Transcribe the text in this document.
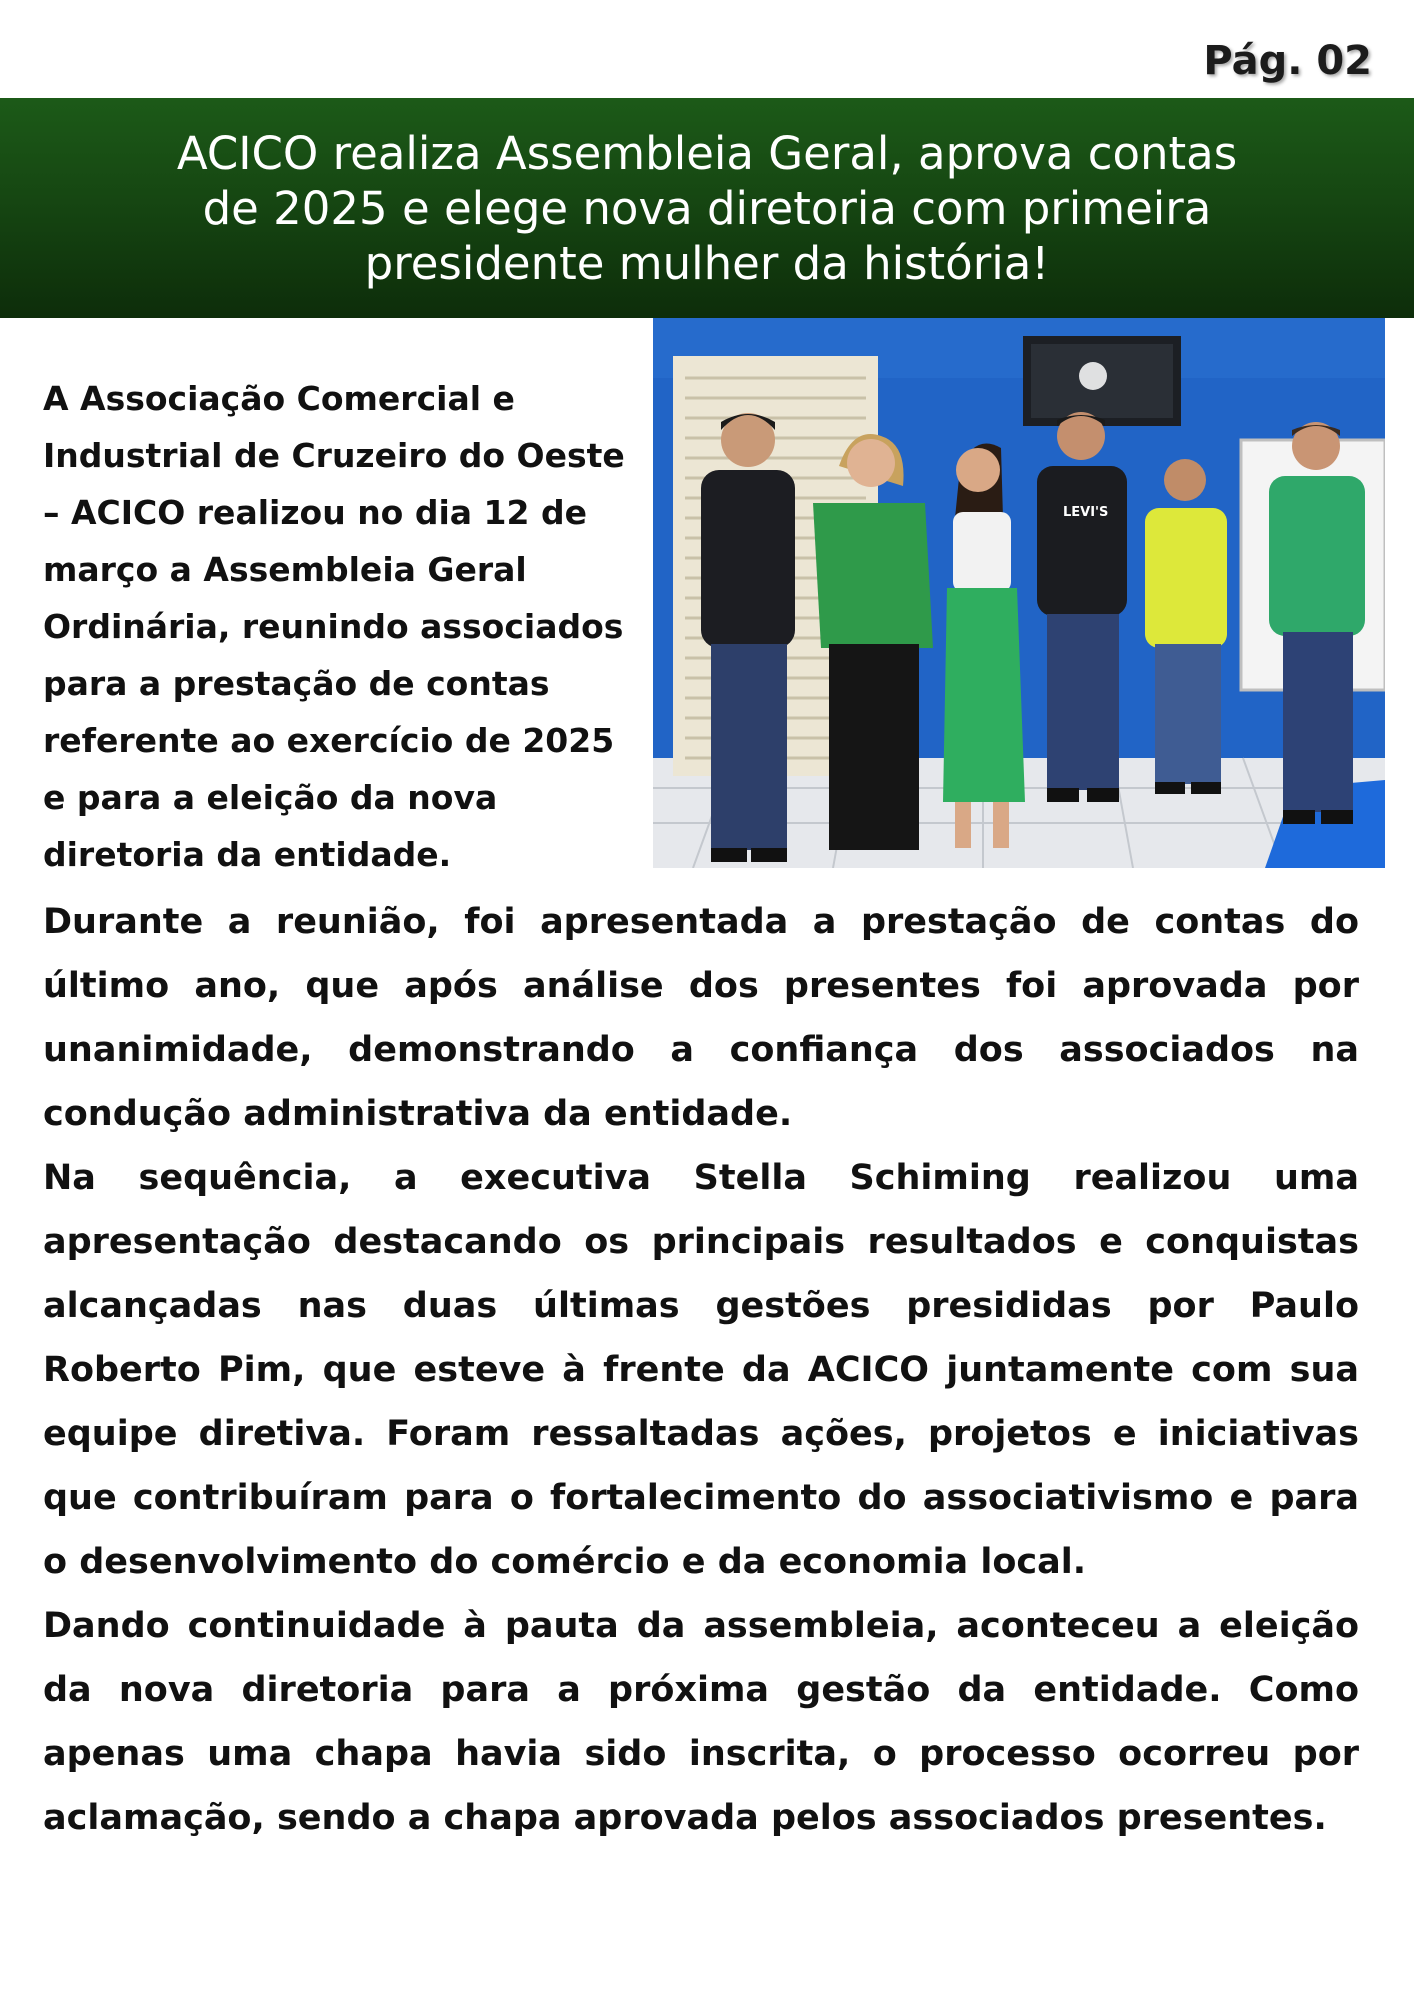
Pág. 02
ACICO realiza Assembleia Geral, aprova contas de 2025 e elege nova diretoria com primeira presidente mulher da história!

A Associação Comercial e Industrial de Cruzeiro do Oeste – ACICO realizou no dia 12 de março a Assembleia Geral Ordinária, reunindo associados para a prestação de contas referente ao exercício de 2025 e para a eleição da nova diretoria da entidade.

LEVI'S

Durante a reunião, foi apresentada a prestação de contas do último ano, que após análise dos presentes foi aprovada por unanimidade, demonstrando a confiança dos associados na condução administrativa da entidade.

Na sequência, a executiva Stella Schiming realizou uma apresentação destacando os principais resultados e conquistas alcançadas nas duas últimas gestões presididas por Paulo Roberto Pim, que esteve à frente da ACICO juntamente com sua equipe diretiva. Foram ressaltadas ações, projetos e iniciativas que contribuíram para o fortalecimento do associativismo e para o desenvolvimento do comércio e da economia local.

Dando continuidade à pauta da assembleia, aconteceu a eleição da nova diretoria para a próxima gestão da entidade. Como apenas uma chapa havia sido inscrita, o processo ocorreu por aclamação, sendo a chapa aprovada pelos associados presentes.
